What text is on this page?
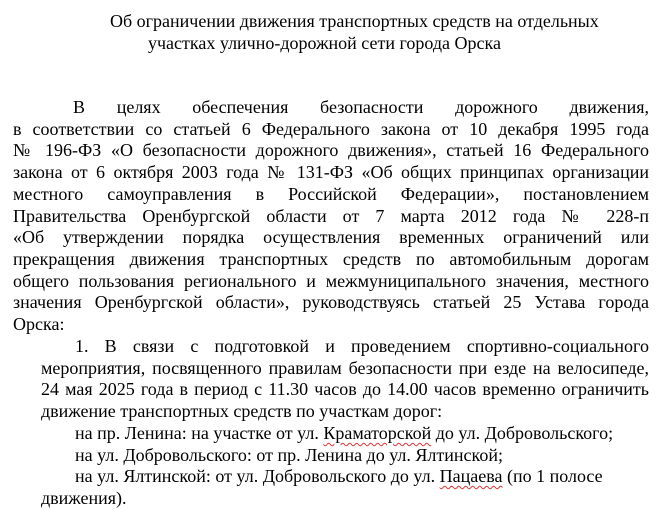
Об ограничении движения транспортных средств на отдельных
участках улично-дорожной сети города Орска
В целях обеспечения безопасности дорожного движения,
в соответствии со статьей 6 Федерального закона от 10 декабря 1995 года
№ 196-ФЗ «О безопасности дорожного движения», статьей 16 Федерального
закона от 6 октября 2003 года № 131-ФЗ «Об общих принципах организации
местного самоуправления в Российской Федерации», постановлением
Правительства Оренбургской области от 7 марта 2012 года № 228-п
«Об утверждении порядка осуществления временных ограничений или
прекращения движения транспортных средств по автомобильным дорогам
общего пользования регионального и межмуниципального значения, местного
значения Оренбургской области», руководствуясь статьей 25 Устава города
Орска:
1. В связи с подготовкой и проведением спортивно-социального
мероприятия, посвященного правилам безопасности при езде на велосипеде,
24 мая 2025 года в период с 11.30 часов до 14.00 часов временно ограничить
движение транспортных средств по участкам дорог:
на пр. Ленина: на участке от ул. Краматорской до ул. Добровольского;
на ул. Добровольского: от пр. Ленина до ул. Ялтинской;
на ул. Ялтинской: от ул. Добровольского до ул. Пацаева (по 1 полосе
движения).
